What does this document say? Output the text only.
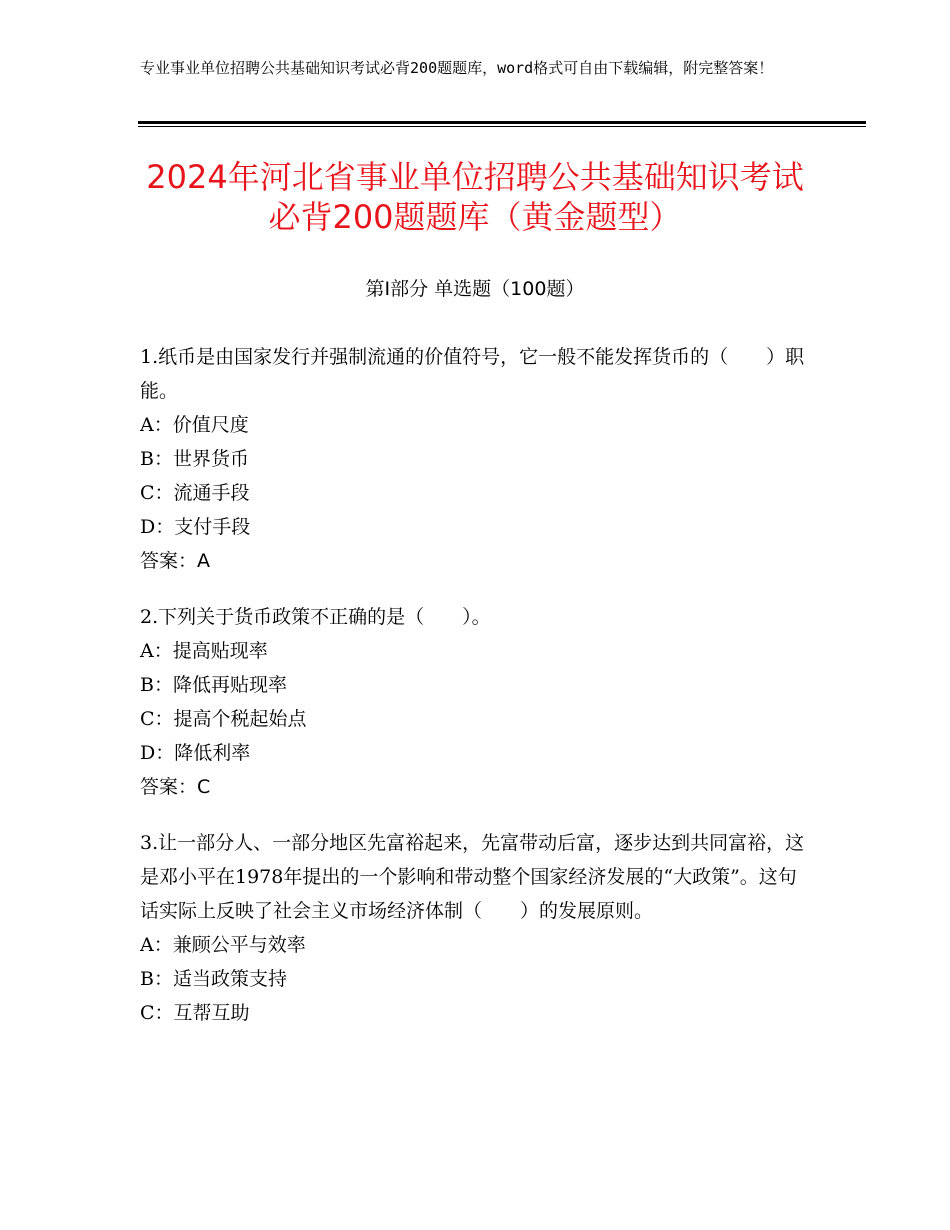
专业事业单位招聘公共基础知识考试必背200题题库，word格式可自由下载编辑，附完整答案！
2024年河北省事业单位招聘公共基础知识考试必背200题题库（黄金题型）
第Ⅰ部分 单选题（100题）

1.纸币是由国家发行并强制流通的价值符号，它一般不能发挥货币的（　　）职能。

A：价值尺度

B：世界货币

C：流通手段

D：支付手段

答案：A

2.下列关于货币政策不正确的是（　　）。

A：提高贴现率

B：降低再贴现率

C：提高个税起始点

D：降低利率

答案：C

3.让一部分人、一部分地区先富裕起来，先富带动后富，逐步达到共同富裕，这是邓小平在1978年提出的一个影响和带动整个国家经济发展的“大政策”。这句话实际上反映了社会主义市场经济体制（　　）的发展原则。

A：兼顾公平与效率

B：适当政策支持

C：互帮互助
